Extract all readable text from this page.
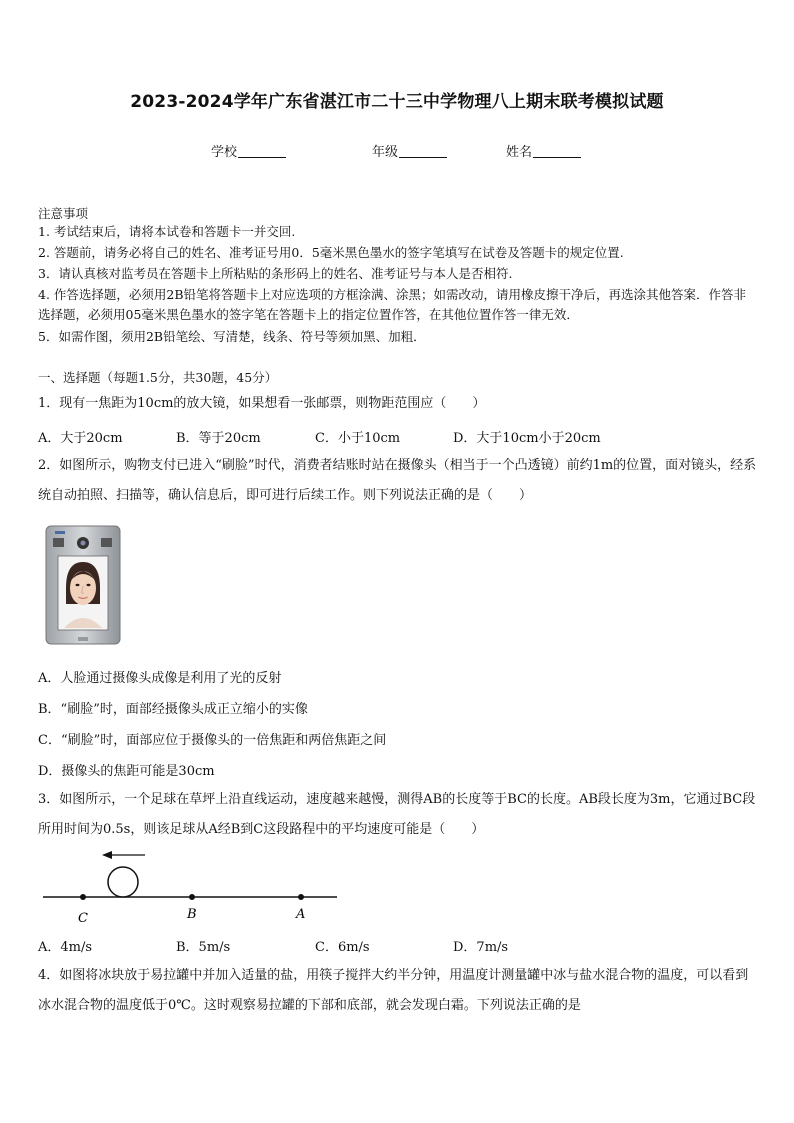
2023-2024学年广东省湛江市二十三中学物理八上期末联考模拟试题
学校	年级	姓名
注意事项
1. 考试结束后，请将本试卷和答题卡一并交回.
2. 答题前，请务必将自己的姓名、准考证号用0．5毫米黑色墨水的签字笔填写在试卷及答题卡的规定位置.
3．请认真核对监考员在答题卡上所粘贴的条形码上的姓名、准考证号与本人是否相符.
4. 作答选择题，必须用2B铅笔将答题卡上对应选项的方框涂满、涂黑；如需改动，请用橡皮擦干净后，再选涂其他答案．作答非选择题，必须用05毫米黑色墨水的签字笔在答题卡上的指定位置作答，在其他位置作答一律无效．
5．如需作图，须用2B铅笔绘、写清楚，线条、符号等须加黑、加粗．
一、选择题（每题1.5分，共30题，45分）
1．现有一焦距为10cm的放大镜，如果想看一张邮票，则物距范围应（　　）
A．大于20cm	B．等于20cm	C．小于10cm	D．大于10cm小于20cm
2．如图所示，购物支付已进入“刷脸”时代，消费者结账时站在摄像头（相当于一个凸透镜）前约1m的位置，面对镜头，经系统自动拍照、扫描等，确认信息后，即可进行后续工作。则下列说法正确的是（　　）
A．人脸通过摄像头成像是利用了光的反射
B．“刷脸”时，面部经摄像头成正立缩小的实像
C．“刷脸”时，面部应位于摄像头的一倍焦距和两倍焦距之间
D．摄像头的焦距可能是30cm
3．如图所示，一个足球在草坪上沿直线运动，速度越来越慢，测得AB的长度等于BC的长度。AB段长度为3m，它通过BC段所用时间为0.5s，则该足球从A经B到C这段路程中的平均速度可能是（　　）
C	B	A
A．4m/s	B．5m/s	C．6m/s	D．7m/s
4．如图将冰块放于易拉罐中并加入适量的盐，用筷子搅拌大约半分钟，用温度计测量罐中冰与盐水混合物的温度，可以看到冰水混合物的温度低于0℃。这时观察易拉罐的下部和底部，就会发现白霜。下列说法正确的是
